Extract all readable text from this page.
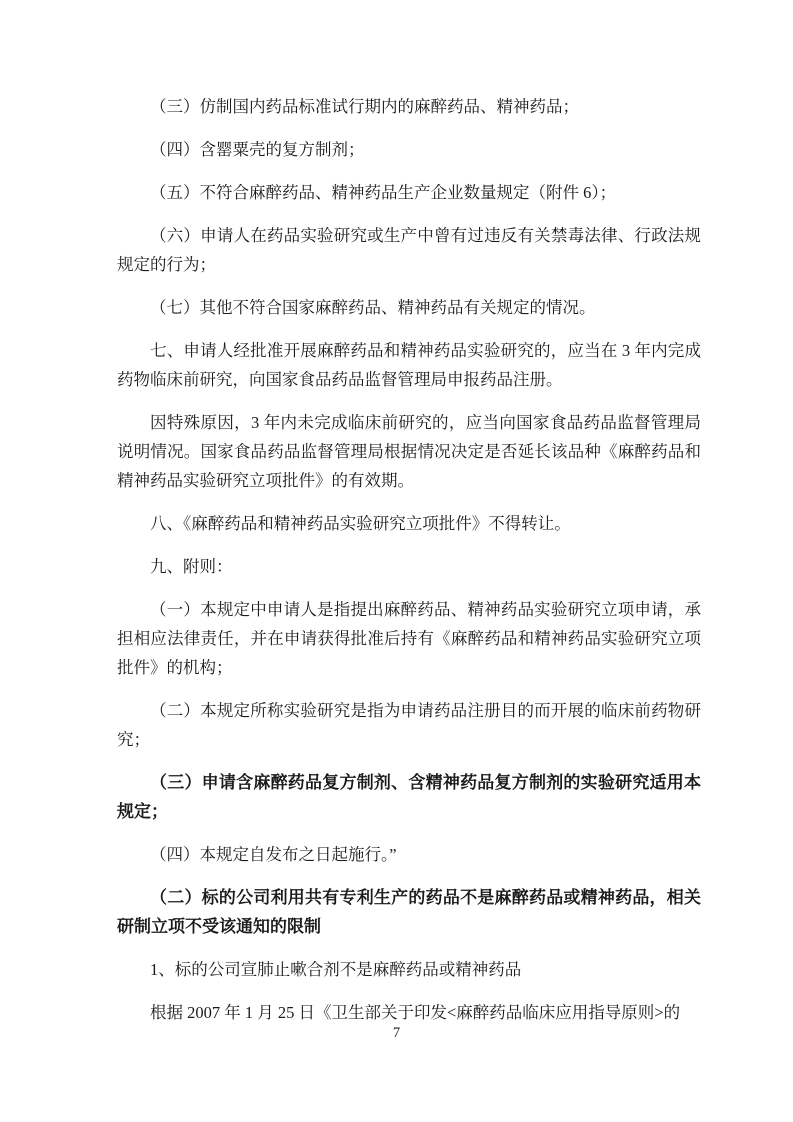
（三）仿制国内药品标准试行期内的麻醉药品、精神药品；

（四）含罂粟壳的复方制剂；

（五）不符合麻醉药品、精神药品生产企业数量规定（附件 6）；

（六）申请人在药品实验研究或生产中曾有过违反有关禁毒法律、行政法规规定的行为；

（七）其他不符合国家麻醉药品、精神药品有关规定的情况。

七、申请人经批准开展麻醉药品和精神药品实验研究的，应当在 3 年内完成药物临床前研究，向国家食品药品监督管理局申报药品注册。

因特殊原因，3 年内未完成临床前研究的，应当向国家食品药品监督管理局说明情况。国家食品药品监督管理局根据情况决定是否延长该品种《麻醉药品和精神药品实验研究立项批件》的有效期。

八、《麻醉药品和精神药品实验研究立项批件》不得转让。

九、附则：

（一）本规定中申请人是指提出麻醉药品、精神药品实验研究立项申请，承担相应法律责任，并在申请获得批准后持有《麻醉药品和精神药品实验研究立项批件》的机构；

（二）本规定所称实验研究是指为申请药品注册目的而开展的临床前药物研究；

（三）申请含麻醉药品复方制剂、含精神药品复方制剂的实验研究适用本规定；

（四）本规定自发布之日起施行。”

（二）标的公司利用共有专利生产的药品不是麻醉药品或精神药品，相关研制立项不受该通知的限制

1、标的公司宣肺止嗽合剂不是麻醉药品或精神药品

根据 2007 年 1 月 25 日《卫生部关于印发<麻醉药品临床应用指导原则>的

7
